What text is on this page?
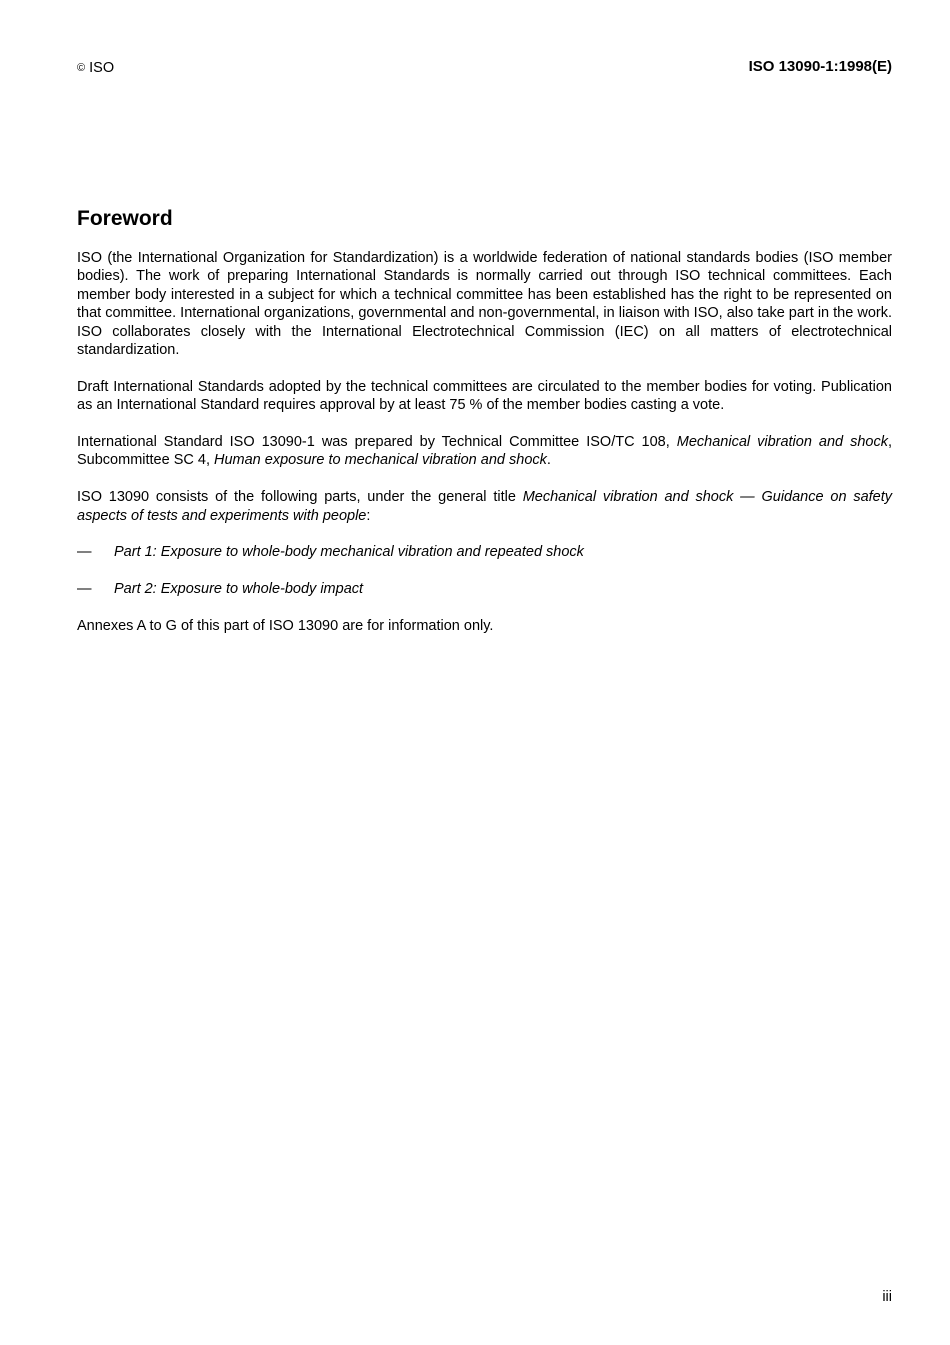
© ISO	ISO 13090-1:1998(E)
Foreword

ISO (the International Organization for Standardization) is a worldwide federation of national standards bodies (ISO member bodies). The work of preparing International Standards is normally carried out through ISO technical committees. Each member body interested in a subject for which a technical committee has been established has the right to be represented on that committee. International organizations, governmental and non-governmental, in liaison with ISO, also take part in the work. ISO collaborates closely with the International Electrotechnical Commission (IEC) on all matters of electrotechnical standardization.

Draft International Standards adopted by the technical committees are circulated to the member bodies for voting. Publication as an International Standard requires approval by at least 75 % of the member bodies casting a vote.

International Standard ISO 13090-1 was prepared by Technical Committee ISO/TC 108, Mechanical vibration and shock, Subcommittee SC 4, Human exposure to mechanical vibration and shock.

ISO 13090 consists of the following parts, under the general title Mechanical vibration and shock — Guidance on safety aspects of tests and experiments with people:

—	Part 1: Exposure to whole-body mechanical vibration and repeated shock
—	Part 2: Exposure to whole-body impact

Annexes A to G of this part of ISO 13090 are for information only.

iii
